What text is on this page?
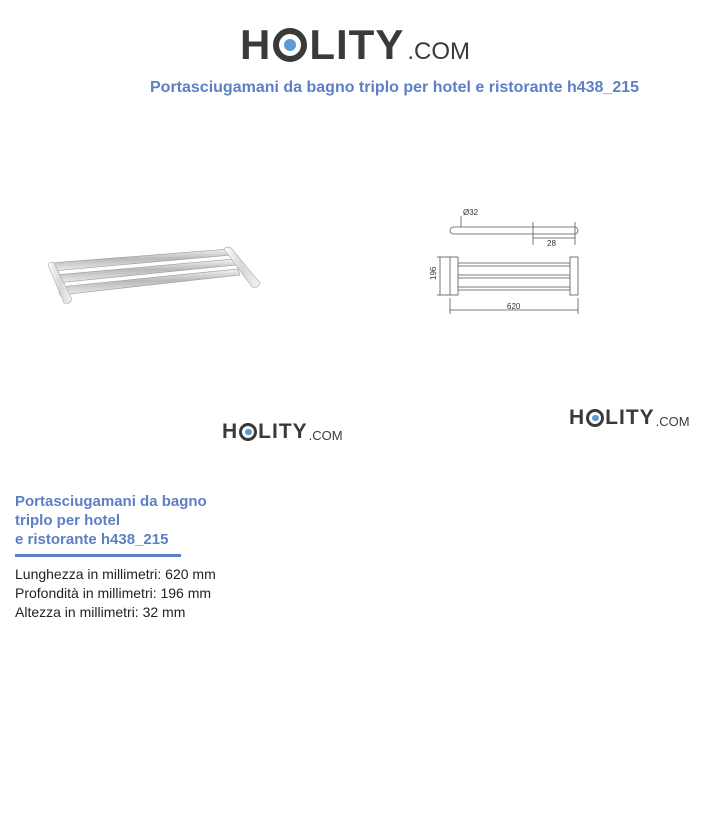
H LITY .COM
Portasciugamani da bagno triplo per hotel e ristorante h438_215
Ø32
28
196
620
H LITY .COM
H LITY .COM
Portasciugamani da bagno
triplo per hotel
e ristorante h438_215
Lunghezza in millimetri: 620 mm
Profondità in millimetri: 196 mm
Altezza in millimetri: 32 mm
